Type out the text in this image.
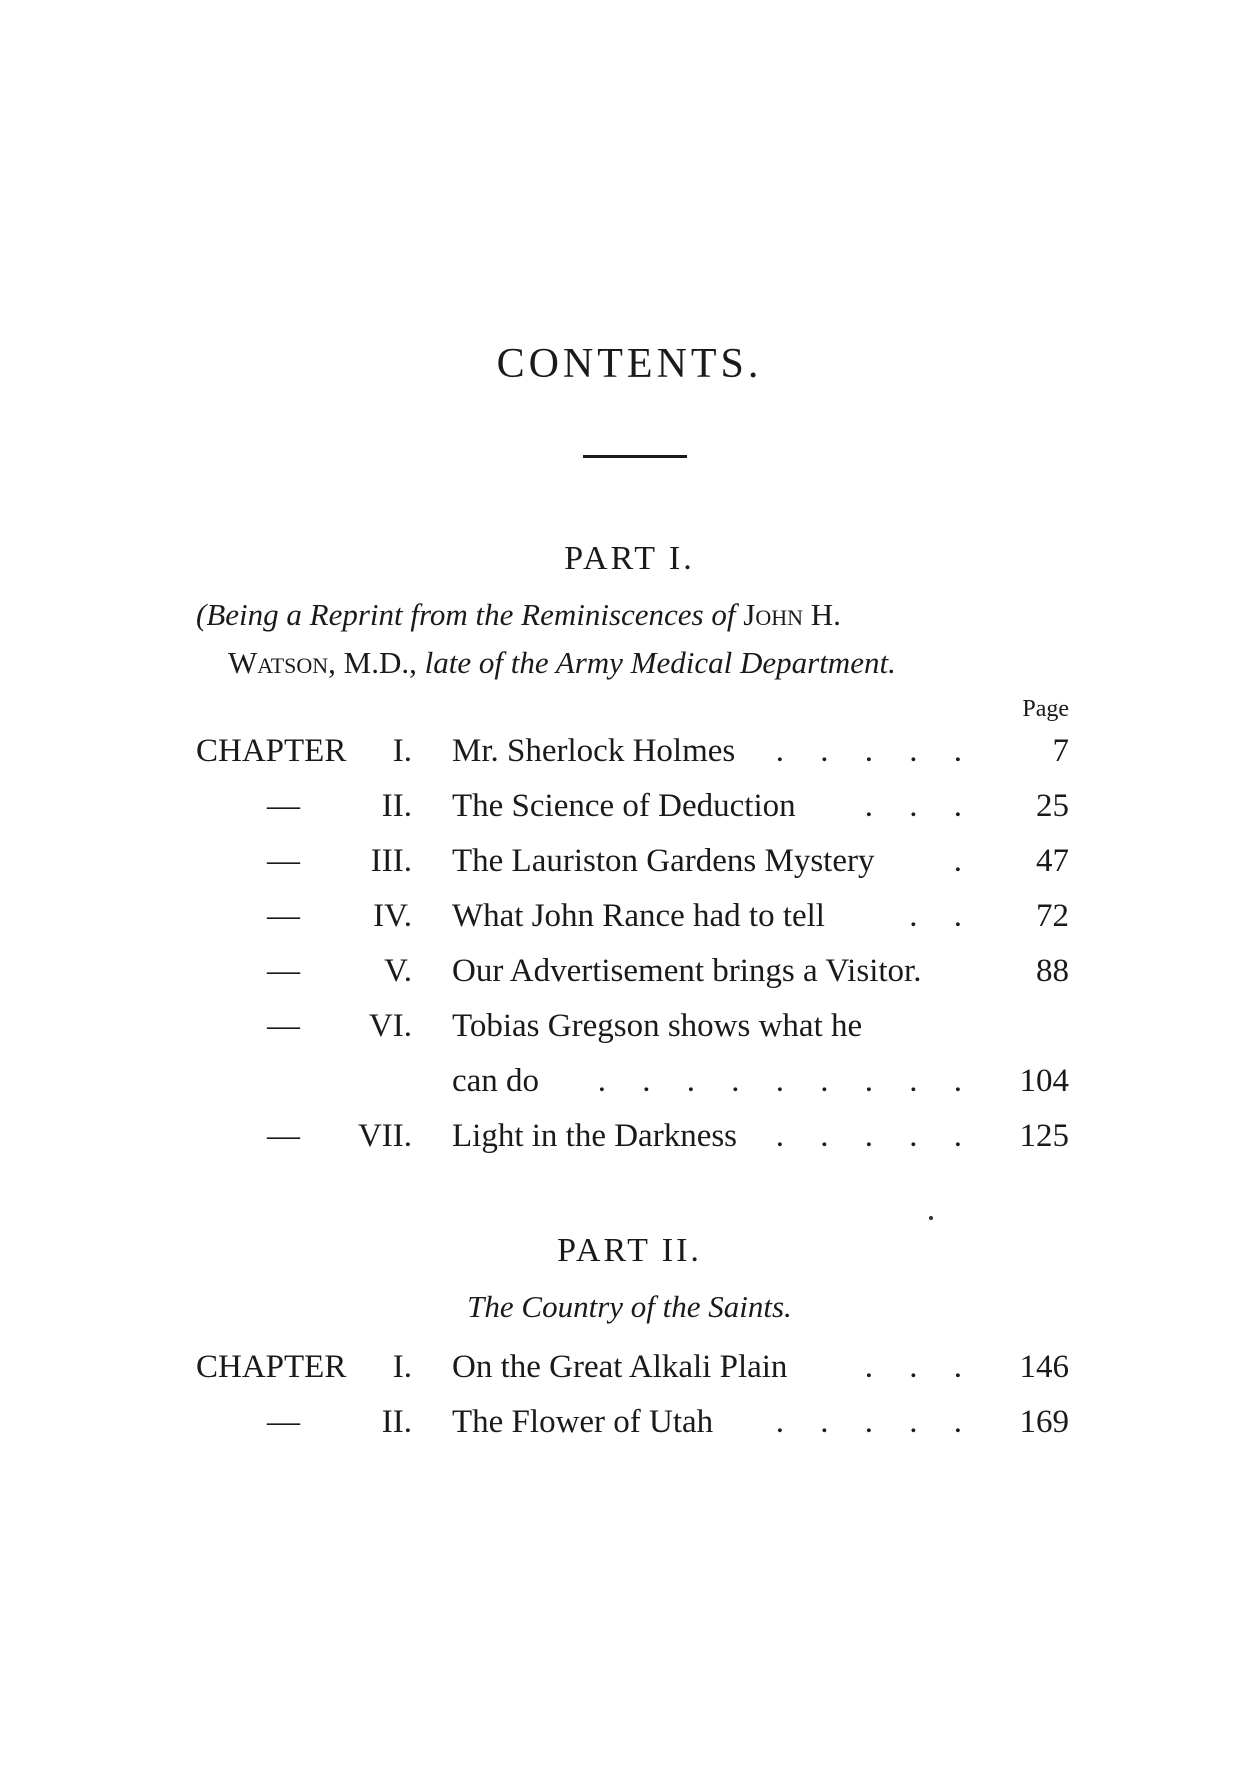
CONTENTS.
PART I.
(Being a Reprint from the Reminiscences of John H.
Watson, M.D., late of the Army Medical Department.
Page
CHAPTER I. Mr. Sherlock Holmes . . . . . 7
— II. The Science of Deduction . . . 25
— III. The Lauriston Gardens Mystery . 47
— IV. What John Rance had to tell	. . 72
—	V. Our Advertisement brings a Visitor.	88
— VI. Tobias Gregson shows what he
can do . . . . . . . . . 104
— VII. Light in the Darkness . . . . . 125
PART II.
The Country of the Saints.
CHAPTER I. On the Great Alkali Plain . . . 146
— II. The Flower of Utah . . . . . 169
